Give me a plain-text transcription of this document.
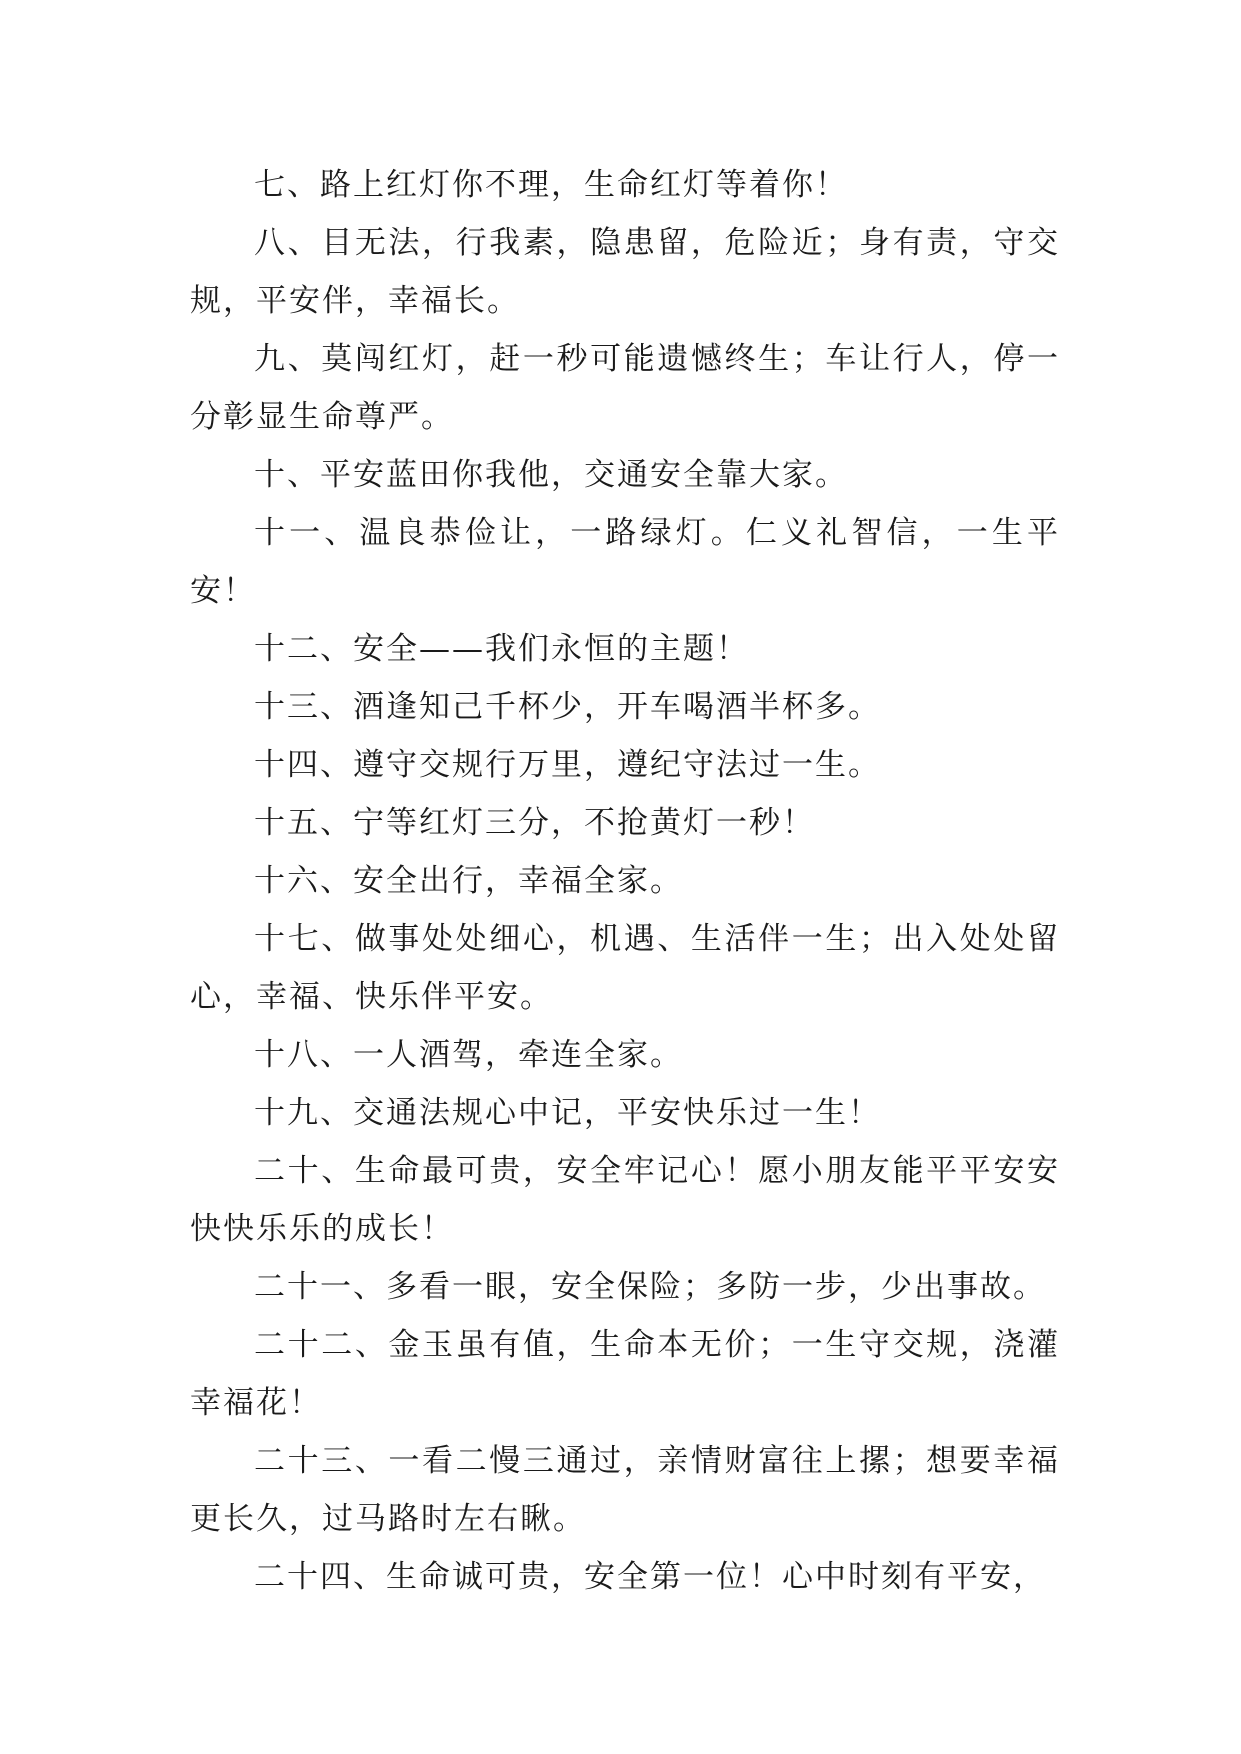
七、路上红灯你不理，生命红灯等着你！

八、目无法，行我素，隐患留，危险近；身有责，守交规，平安伴，幸福长。

九、莫闯红灯，赶一秒可能遗憾终生；车让行人，停一分彰显生命尊严。

十、平安蓝田你我他，交通安全靠大家。

十一、温良恭俭让，一路绿灯。仁义礼智信，一生平安！

十二、安全——我们永恒的主题！

十三、酒逢知己千杯少，开车喝酒半杯多。

十四、遵守交规行万里，遵纪守法过一生。

十五、宁等红灯三分，不抢黄灯一秒！

十六、安全出行，幸福全家。

十七、做事处处细心，机遇、生活伴一生；出入处处留心，幸福、快乐伴平安。

十八、一人酒驾，牵连全家。

十九、交通法规心中记，平安快乐过一生！

二十、生命最可贵，安全牢记心！愿小朋友能平平安安快快乐乐的成长！

二十一、多看一眼，安全保险；多防一步，少出事故。

二十二、金玉虽有值，生命本无价；一生守交规，浇灌幸福花！

二十三、一看二慢三通过，亲情财富往上摞；想要幸福更长久，过马路时左右瞅。

二十四、生命诚可贵，安全第一位！心中时刻有平安，
